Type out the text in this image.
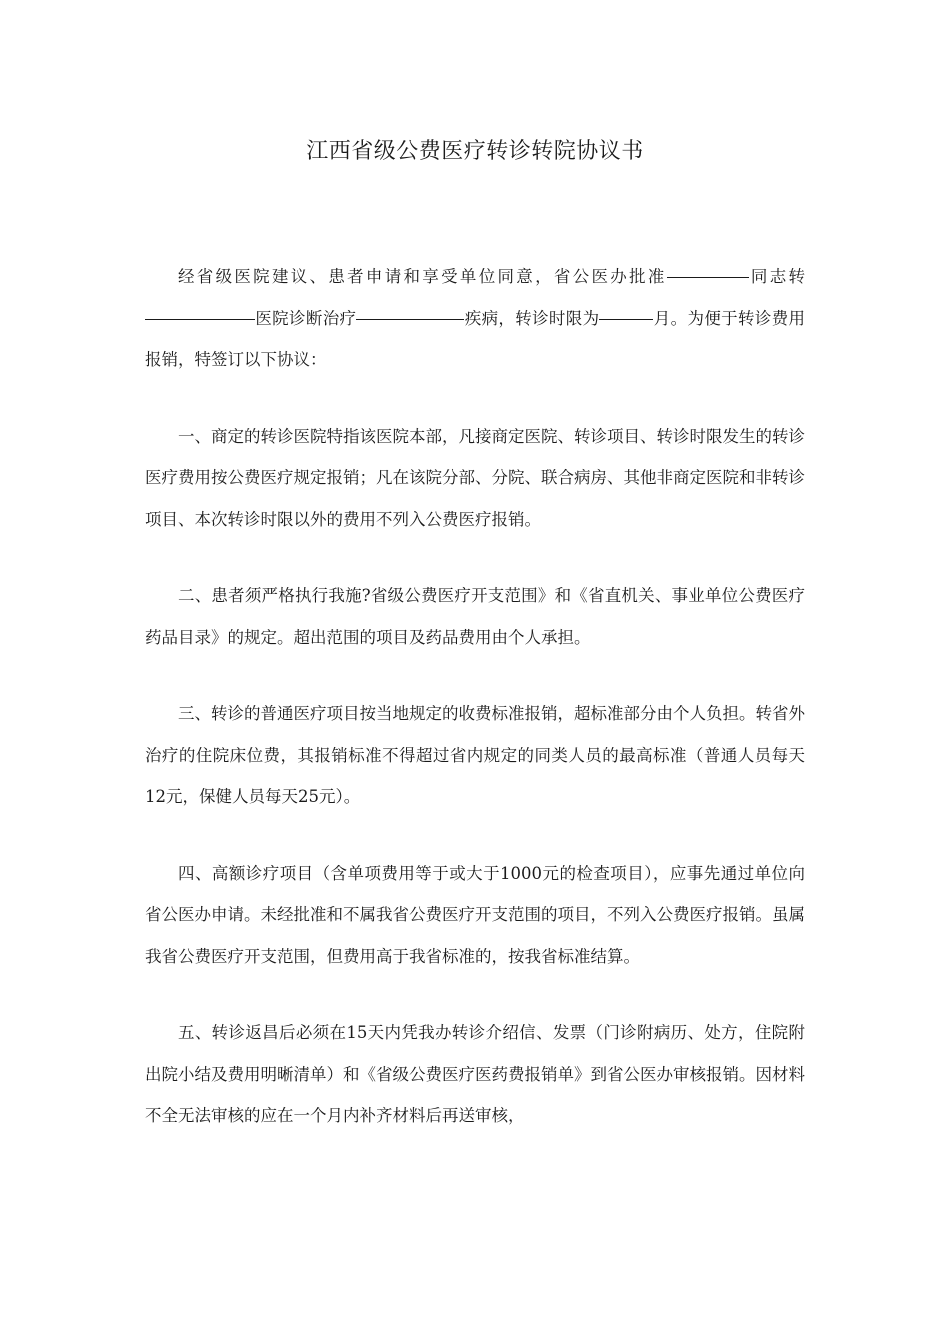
江西省级公费医疗转诊转院协议书

经省级医院建议、患者申请和享受单位同意，省公医办批准	同志转医院诊断治疗	疾病，转诊时限为	月。为便于转诊费用报销，特签订以下协议：

一、商定的转诊医院特指该医院本部，凡接商定医院、转诊项目、转诊时限发生的转诊医疗费用按公费医疗规定报销；凡在该院分部、分院、联合病房、其他非商定医院和非转诊项目、本次转诊时限以外的费用不列入公费医疗报销。

二、患者须严格执行我施?省级公费医疗开支范围》和《省直机关、事业单位公费医疗药品目录》的规定。超出范围的项目及药品费用由个人承担。

三、转诊的普通医疗项目按当地规定的收费标准报销，超标准部分由个人负担。转省外治疗的住院床位费，其报销标准不得超过省内规定的同类人员的最高标准（普通人员每天12元，保健人员每天25元）。

四、高额诊疗项目（含单项费用等于或大于1000元的检查项目），应事先通过单位向省公医办申请。未经批准和不属我省公费医疗开支范围的项目，不列入公费医疗报销。虽属我省公费医疗开支范围，但费用高于我省标准的，按我省标准结算。

五、转诊返昌后必须在15天内凭我办转诊介绍信、发票（门诊附病历、处方，住院附出院小结及费用明晰清单）和《省级公费医疗医药费报销单》到省公医办审核报销。因材料不全无法审核的应在一个月内补齐材料后再送审核，
